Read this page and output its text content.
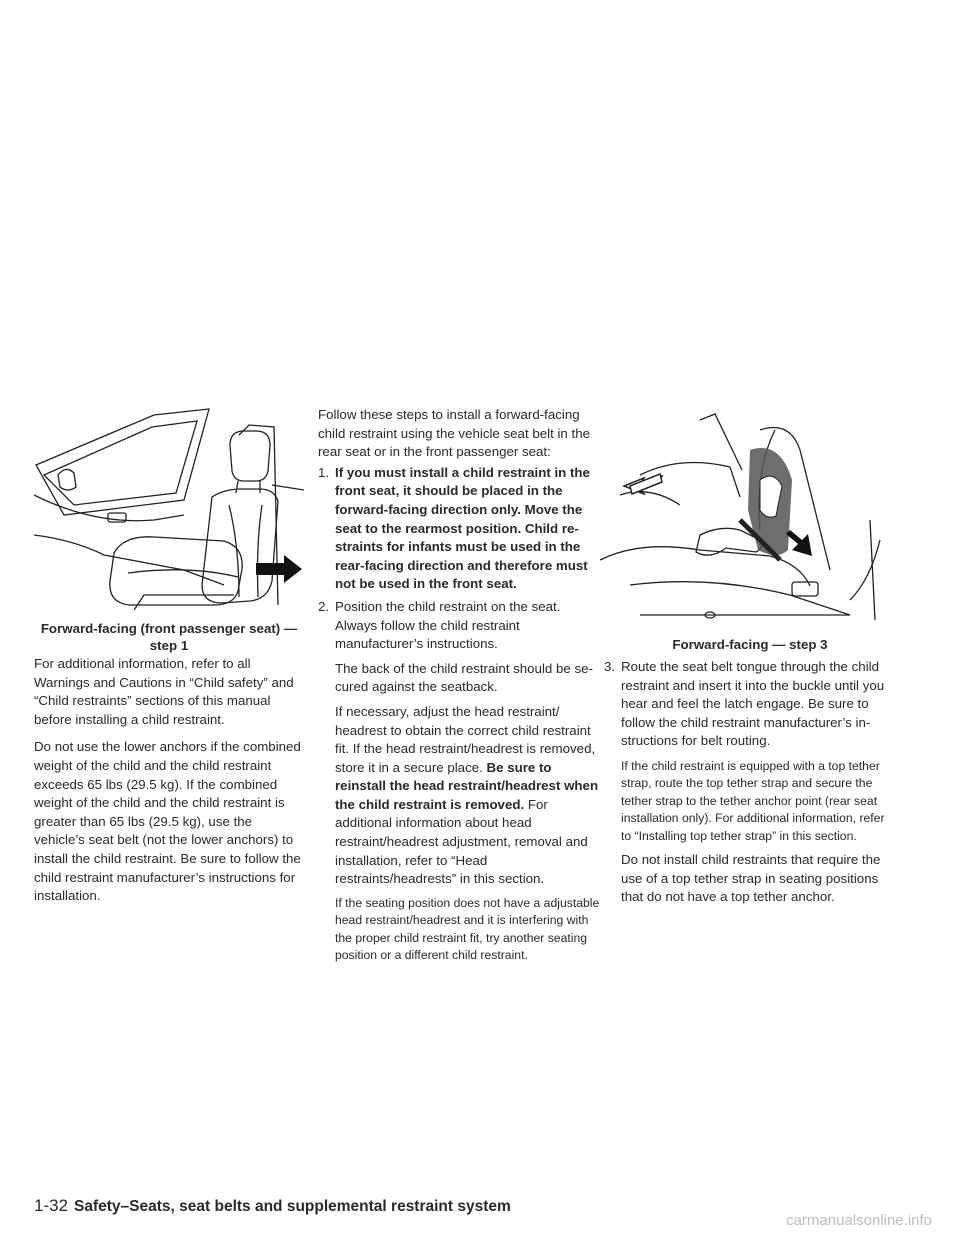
Forward-facing (front passenger seat) —
step 1

For additional information, refer to all Warnings and Cautions in “Child safety” and “Child restraints” sections of this manual before installing a child restraint.

Do not use the lower anchors if the combined weight of the child and the child restraint exceeds 65 lbs (29.5 kg). If the combined weight of the child and the child restraint is greater than 65 lbs (29.5 kg), use the vehicle’s seat belt (not the lower anchors) to install the child restraint. Be sure to follow the child restraint manufacturer’s instructions for installation.

Follow these steps to install a forward-facing child restraint using the vehicle seat belt in the rear seat or in the front passenger seat:

1. If you must install a child restraint in the front seat, it should be placed in the forward-facing direction only. Move the seat to the rearmost position. Child restraints for infants must be used in the rear-facing direction and therefore must not be used in the front seat.

2. Position the child restraint on the seat. Always follow the child restraint manufacturer’s instructions.

The back of the child restraint should be secured against the seatback.

If necessary, adjust the head restraint/ headrest to obtain the correct child restraint fit. If the head restraint/headrest is removed, store it in a secure place. Be sure to reinstall the head restraint/headrest when the child restraint is removed. For additional information about head restraint/headrest adjustment, removal and installation, refer to “Head restraints/headrests” in this section.

If the seating position does not have a adjustable head restraint/headrest and it is interfering with the proper child restraint fit, try another seating position or a different child restraint.

Forward-facing — step 3

3. Route the seat belt tongue through the child restraint and insert it into the buckle until you hear and feel the latch engage. Be sure to follow the child restraint manufacturer’s instructions for belt routing.

If the child restraint is equipped with a top tether strap, route the top tether strap and secure the tether strap to the tether anchor point (rear seat installation only). For additional information, refer to “Installing top tether strap” in this section.

Do not install child restraints that require the use of a top tether strap in seating positions that do not have a top tether anchor.

1-32 Safety–Seats, seat belts and supplemental restraint system
carmanualsonline.info
